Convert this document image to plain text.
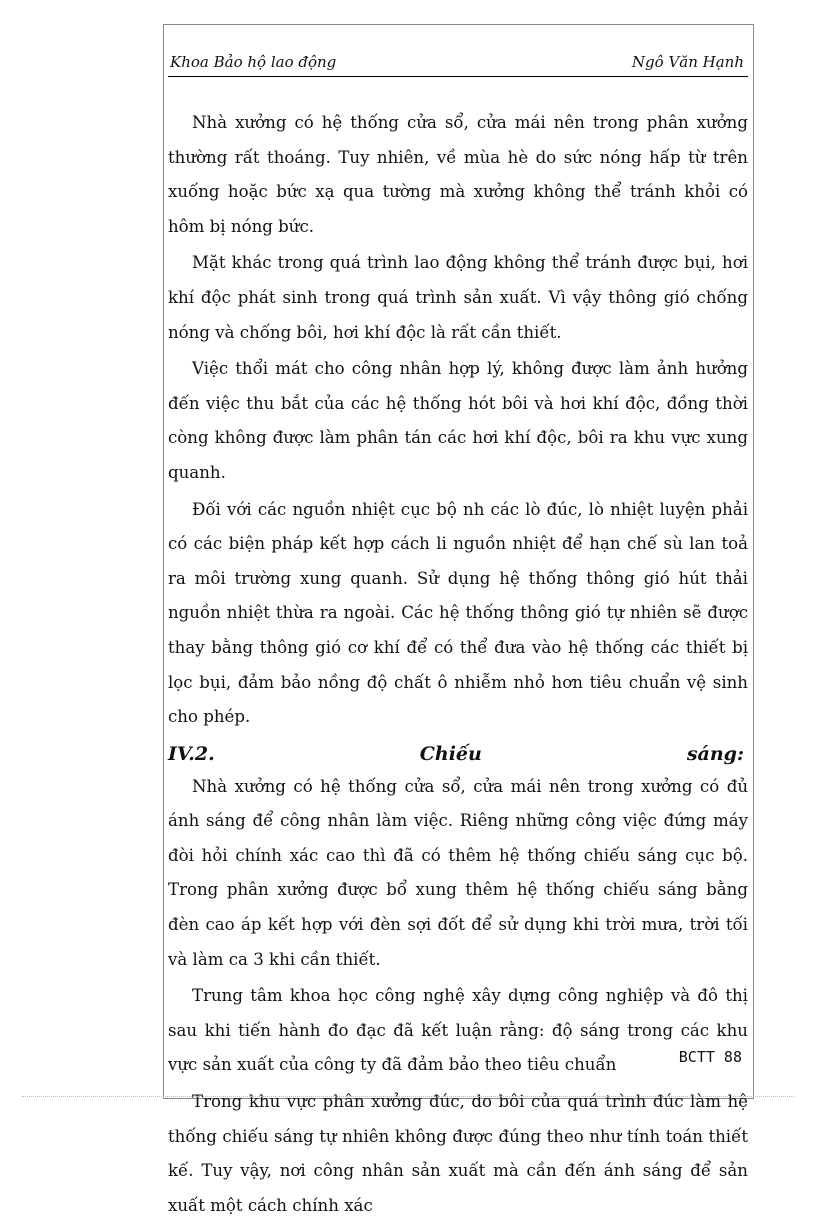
Khoa Bảo hộ lao động	Ngô Văn Hạnh

Nhà xưởng có hệ thống cửa sổ, cửa mái nên trong phân xưởng thường rất thoáng. Tuy nhiên, về mùa hè do sức nóng hấp từ trên xuống hoặc bức xạ qua tường mà xưởng không thể tránh khỏi có hôm bị nóng bức.

Mặt khác trong quá trình lao động không thể tránh được bụi, hơi khí độc phát sinh trong quá trình sản xuất. Vì vậy thông gió chống nóng và chống bôi, hơi khí độc là rất cần thiết.

Việc thổi mát cho công nhân hợp lý, không được làm ảnh hưởng đến việc thu bắt của các hệ thống hót bôi và hơi khí độc, đồng thời còng không được làm phân tán các hơi khí độc, bôi ra khu vực xung quanh.

Đối với các nguồn nhiệt cục bộ nh các lò đúc, lò nhiệt luyện phải có các biện pháp kết hợp cách li nguồn nhiệt để hạn chế sù lan toả ra môi trường xung quanh. Sử dụng hệ thống thông gió hút thải nguồn nhiệt thừa ra ngoài. Các hệ thống thông gió tự nhiên sẽ được thay bằng thông gió cơ khí để có thể đưa vào hệ thống các thiết bị lọc bụi, đảm bảo nồng độ chất ô nhiễm nhỏ hơn tiêu chuẩn vệ sinh cho phép.

IV.2.	Chiếu	sáng:

Nhà xưởng có hệ thống cửa sổ, cửa mái nên trong xưởng có đủ ánh sáng để công nhân làm việc. Riêng những công việc đứng máy đòi hỏi chính xác cao thì đã có thêm hệ thống chiếu sáng cục bộ. Trong phân xưởng được bổ xung thêm hệ thống chiếu sáng bằng đèn cao áp kết hợp với đèn sợi đốt để sử dụng khi trời mưa, trời tối và làm ca 3 khi cần thiết.

Trung tâm khoa học công nghệ xây dựng công nghiệp và đô thị sau khi tiến hành đo đạc đã kết luận rằng: độ sáng trong các khu vực sản xuất của công ty đã đảm bảo theo tiêu chuẩn

Trong khu vực phân xưởng đúc, do bôi của quá trình đúc làm hệ thống chiếu sáng tự nhiên không được đúng theo như tính toán thiết kế. Tuy vậy, nơi công nhân sản xuất mà cần đến ánh sáng để sản xuất một cách chính xác

BCTT 88
